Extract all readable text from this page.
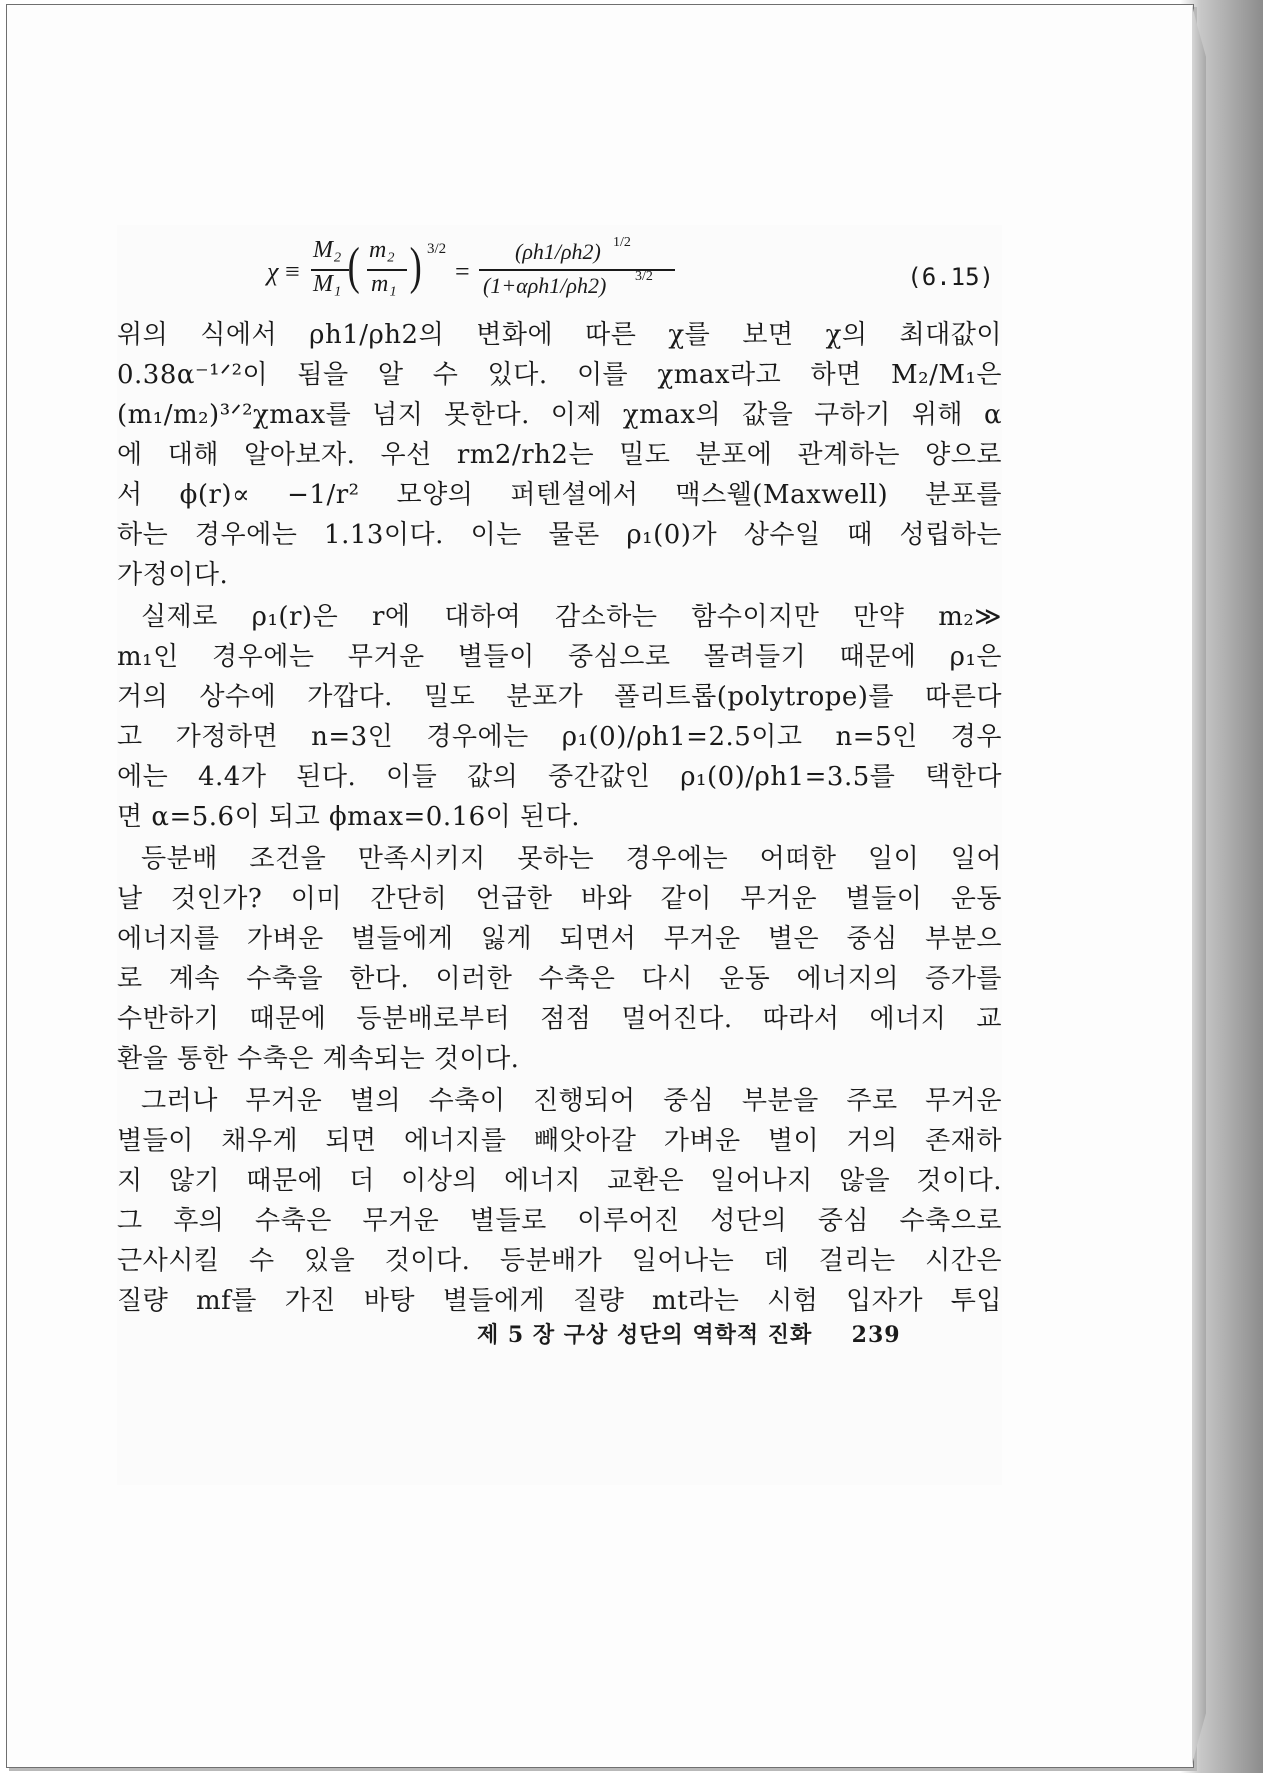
χ ≡
M₂
M₁ ( m₂
m₁ ) 3/2
=
(ρh1/ρh2) 1/2
(1+αρh1/ρh2) 3/2	(6.15)
위의 식에서 ρh1/ρh2의 변화에 따른 χ를 보면 χ의 최대값이
0.38α⁻¹ᐟ²이 됨을 알 수 있다. 이를 χmax라고 하면 M₂/M₁은
(m₁/m₂)³ᐟ²χmax를 넘지 못한다. 이제 χmax의 값을 구하기 위해 α
에 대해 알아보자. 우선 rm2/rh2는 밀도 분포에 관계하는 양으로
서 ϕ(r)∝ −1/r² 모양의 퍼텐셜에서 맥스웰(Maxwell) 분포를
하는 경우에는 1.13이다. 이는 물론 ρ₁(0)가 상수일 때 성립하는
가정이다.
실제로 ρ₁(r)은 r에 대하여 감소하는 함수이지만 만약 m₂≫
m₁인 경우에는 무거운 별들이 중심으로 몰려들기 때문에 ρ₁은
거의 상수에 가깝다. 밀도 분포가 폴리트롭(polytrope)를 따른다
고 가정하면 n=3인 경우에는 ρ₁(0)/ρh1=2.5이고 n=5인 경우
에는 4.4가 된다. 이들 값의 중간값인 ρ₁(0)/ρh1=3.5를 택한다
면 α=5.6이 되고 ϕmax=0.16이 된다.
등분배 조건을 만족시키지 못하는 경우에는 어떠한 일이 일어
날 것인가? 이미 간단히 언급한 바와 같이 무거운 별들이 운동
에너지를 가벼운 별들에게 잃게 되면서 무거운 별은 중심 부분으
로 계속 수축을 한다. 이러한 수축은 다시 운동 에너지의 증가를
수반하기 때문에 등분배로부터 점점 멀어진다. 따라서 에너지 교
환을 통한 수축은 계속되는 것이다.
그러나 무거운 별의 수축이 진행되어 중심 부분을 주로 무거운
별들이 채우게 되면 에너지를 빼앗아갈 가벼운 별이 거의 존재하
지 않기 때문에 더 이상의 에너지 교환은 일어나지 않을 것이다.
그 후의 수축은 무거운 별들로 이루어진 성단의 중심 수축으로
근사시킬 수 있을 것이다. 등분배가 일어나는 데 걸리는 시간은
질량 mf를 가진 바탕 별들에게 질량 mt라는 시험 입자가 투입
제 5 장 구상 성단의 역학적 진화 239
